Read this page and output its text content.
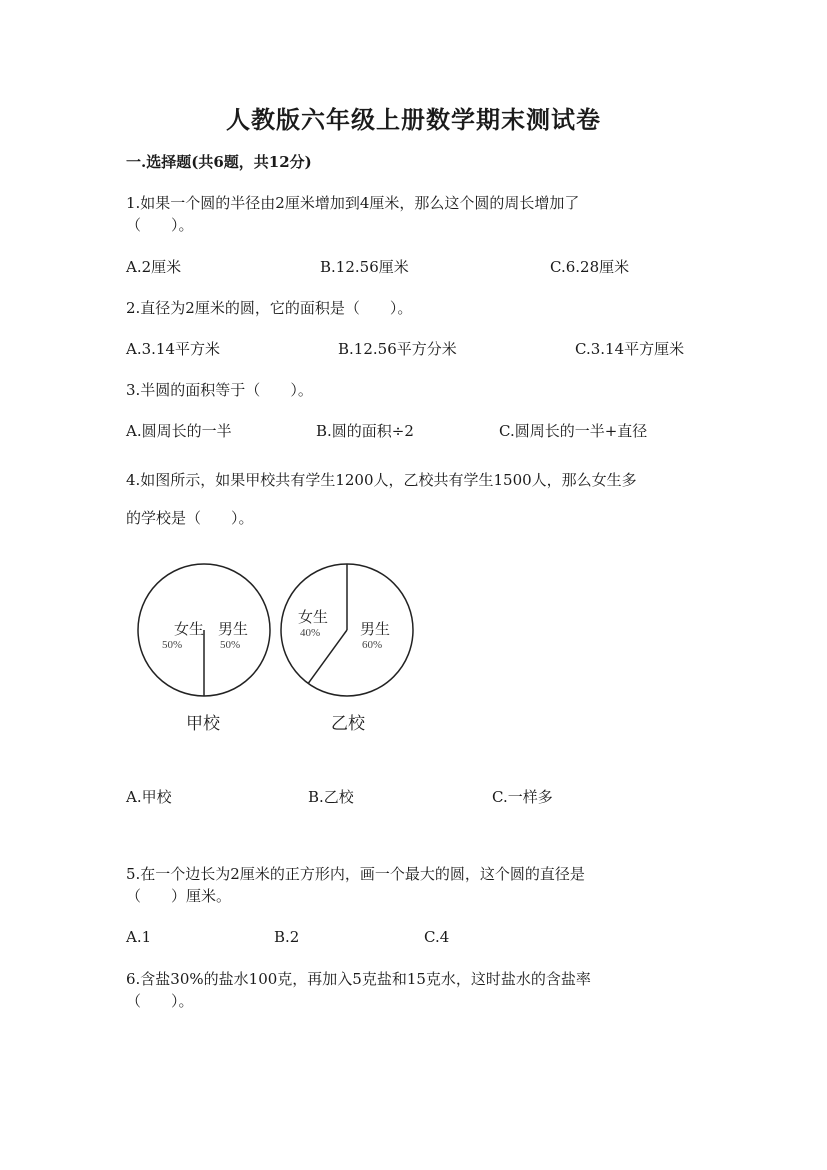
人教版六年级上册数学期末测试卷
一.选择题(共6题，共12分)
1.如果一个圆的半径由2厘米增加到4厘米，那么这个圆的周长增加了
（　　）。
A.2厘米	B.12.56厘米	C.6.28厘米
2.直径为2厘米的圆，它的面积是（　　）。
A.3.14平方米	B.12.56平方分米	C.3.14平方厘米
3.半圆的面积等于（　　）。
A.圆周长的一半	B.圆的面积÷2	C.圆周长的一半+直径
4.如图所示，如果甲校共有学生1200人，乙校共有学生1500人，那么女生多
的学校是（　　）。
女生
50%
男生
50%
甲校
女生
40%	男生
60%
乙校
A.甲校	B.乙校	C.一样多
5.在一个边长为2厘米的正方形内，画一个最大的圆，这个圆的直径是
（　　）厘米。
A.1	B.2	C.4
6.含盐30%的盐水100克，再加入5克盐和15克水，这时盐水的含盐率
（　　）。
